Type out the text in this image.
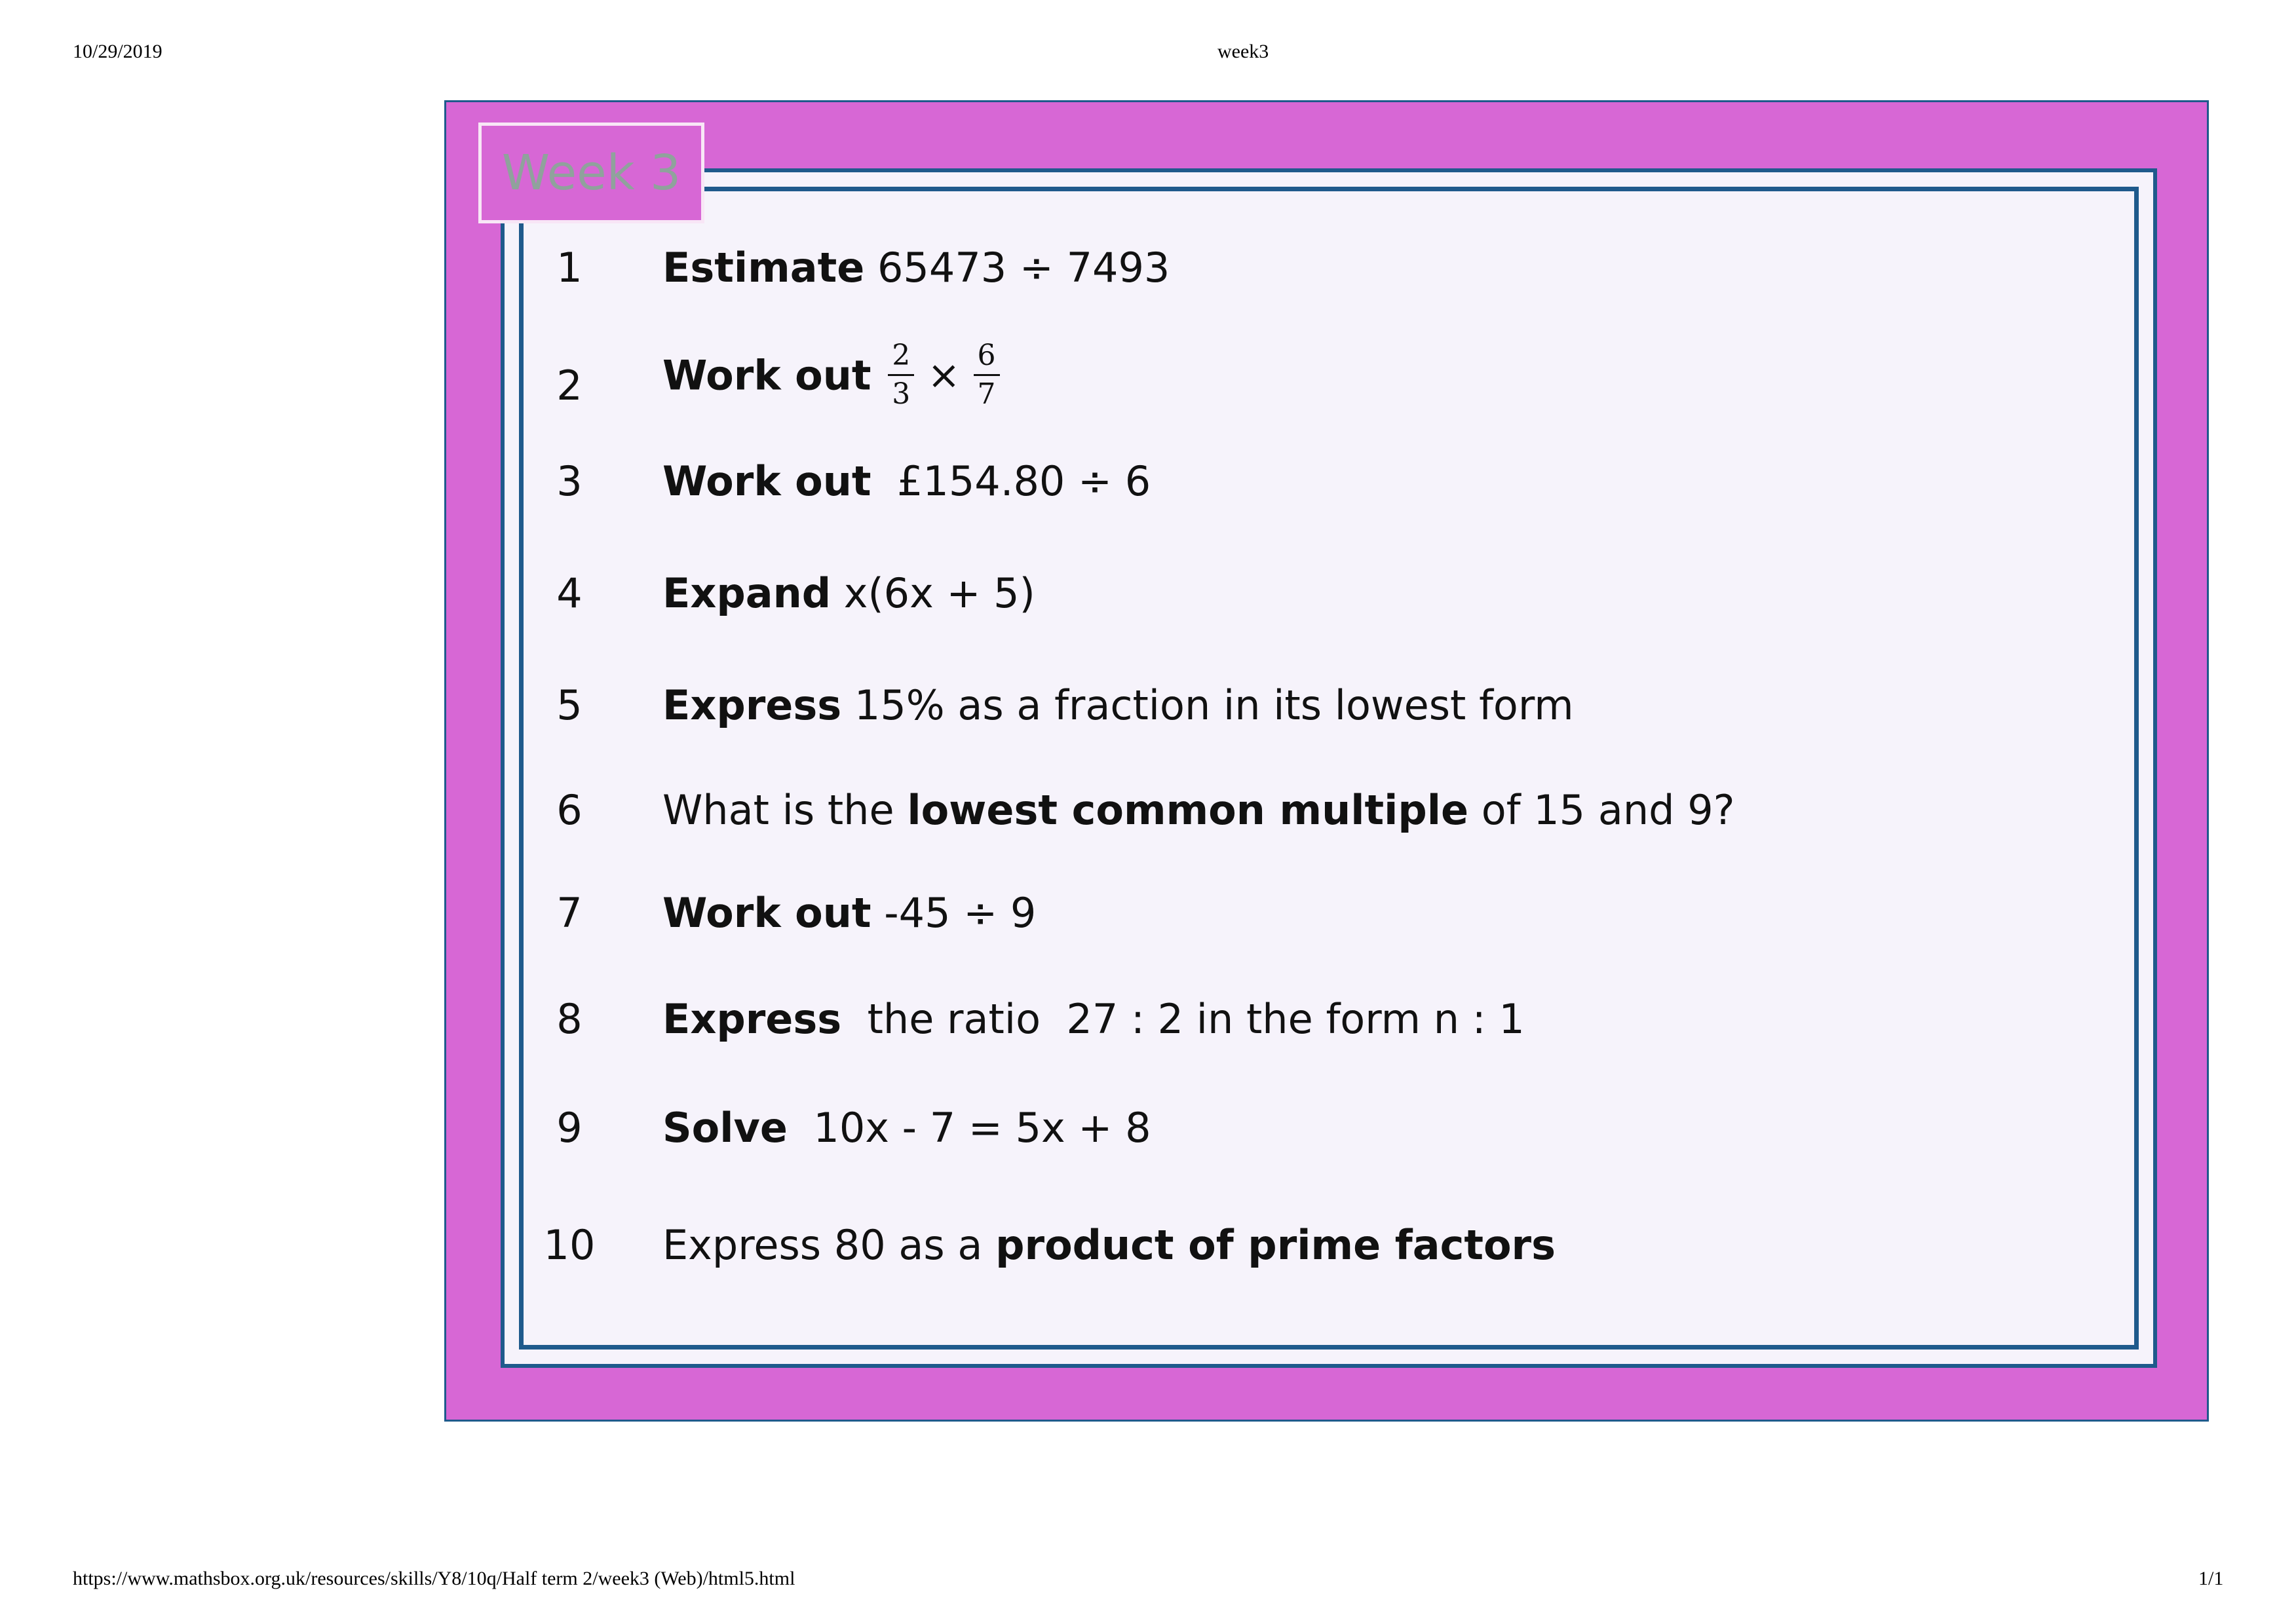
10/29/2019	week3
Week 3
1	Estimate 65473 ÷ 7493
2	Work out $\frac{2}{3} \times \frac{6}{7}$
3	Work out  £154.80 ÷ 6
4	Expand x(6x + 5)
5	Express 15% as a fraction in its lowest form
6	What is the lowest common multiple of 15 and 9?
7	Work out -45 ÷ 9
8	Express  the ratio  27 : 2 in the form n : 1
9	Solve  10x - 7 = 5x + 8
10	Express 80 as a product of prime factors
https://www.mathsbox.org.uk/resources/skills/Y8/10q/Half term 2/week3 (Web)/html5.html	1/1
